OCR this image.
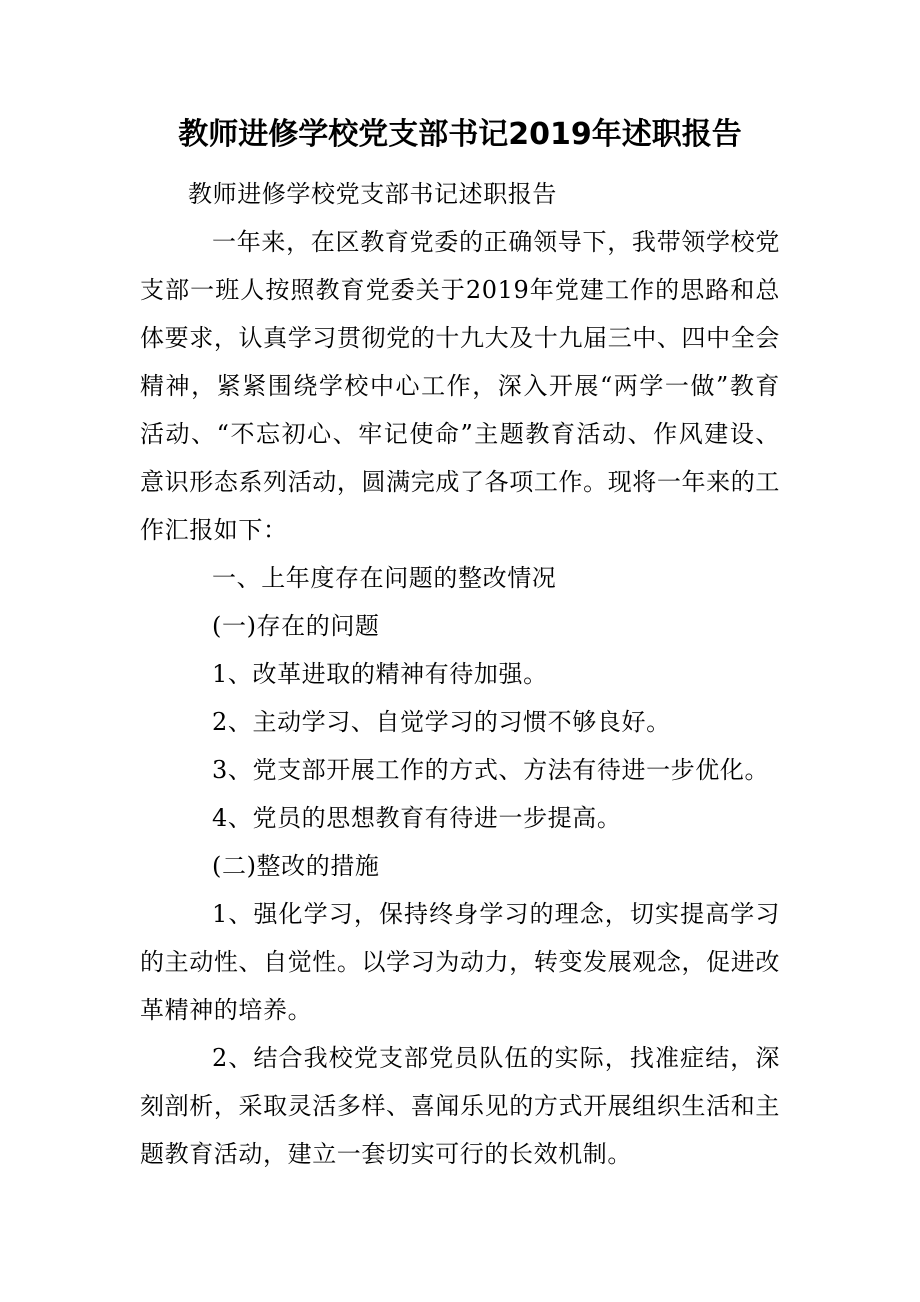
教师进修学校党支部书记2019年述职报告

教师进修学校党支部书记述职报告

一年来，在区教育党委的正确领导下，我带领学校党支部一班人按照教育党委关于2019年党建工作的思路和总体要求，认真学习贯彻党的十九大及十九届三中、四中全会精神，紧紧围绕学校中心工作，深入开展“两学一做”教育活动、“不忘初心、牢记使命”主题教育活动、作风建设、意识形态系列活动，圆满完成了各项工作。现将一年来的工作汇报如下：

一、上年度存在问题的整改情况

(一)存在的问题

1、改革进取的精神有待加强。

2、主动学习、自觉学习的习惯不够良好。

3、党支部开展工作的方式、方法有待进一步优化。

4、党员的思想教育有待进一步提高。

(二)整改的措施

1、强化学习，保持终身学习的理念，切实提高学习的主动性、自觉性。以学习为动力，转变发展观念，促进改革精神的培养。

2、结合我校党支部党员队伍的实际，找准症结，深刻剖析，采取灵活多样、喜闻乐见的方式开展组织生活和主题教育活动，建立一套切实可行的长效机制。
